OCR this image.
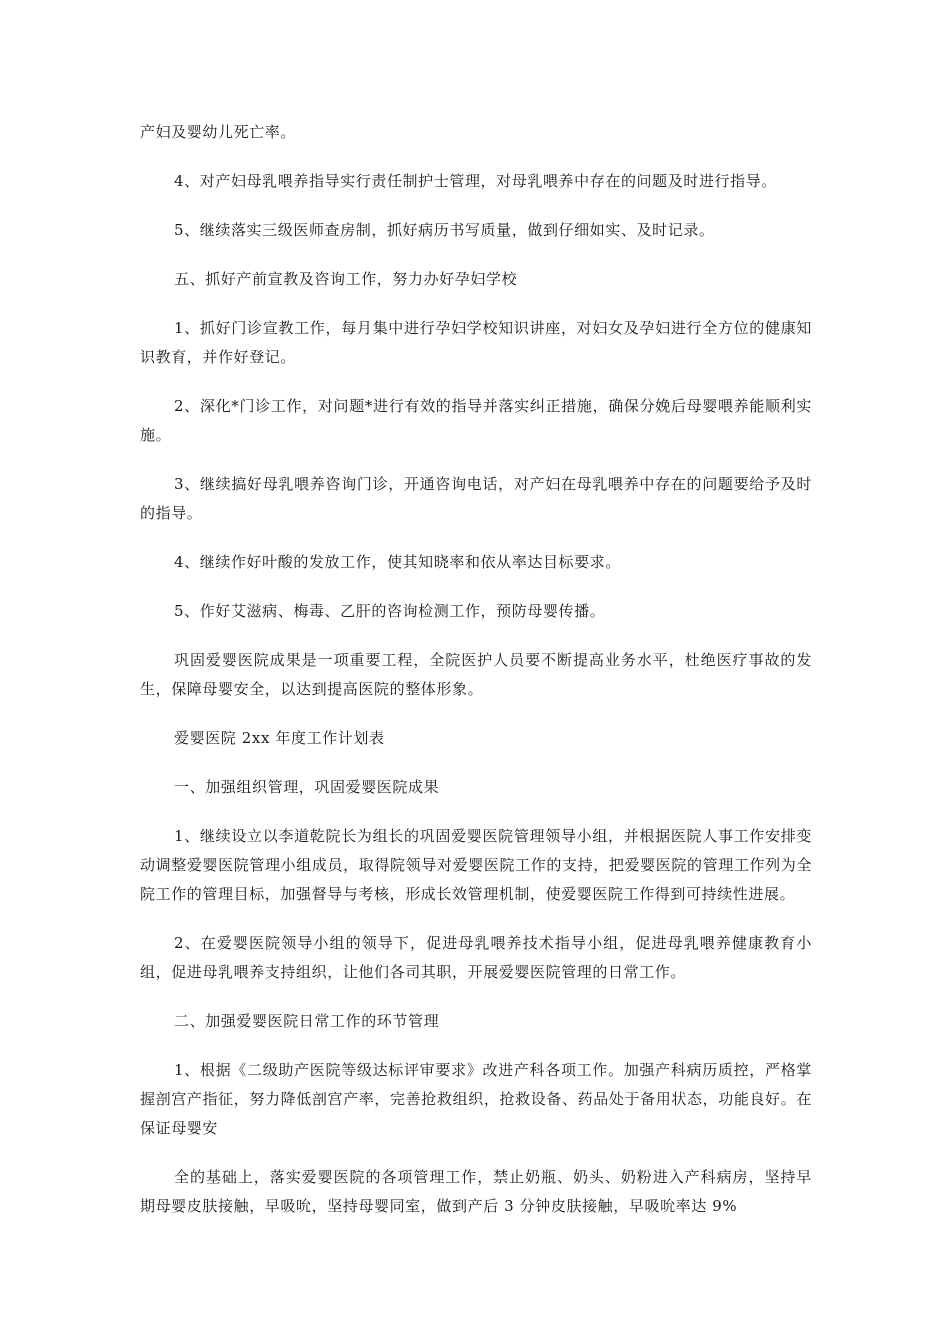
产妇及婴幼儿死亡率。

4、对产妇母乳喂养指导实行责任制护士管理，对母乳喂养中存在的问题及时进行指导。

5、继续落实三级医师查房制，抓好病历书写质量，做到仔细如实、及时记录。

五、抓好产前宣教及咨询工作，努力办好孕妇学校

1、抓好门诊宣教工作，每月集中进行孕妇学校知识讲座，对妇女及孕妇进行全方位的健康知识教育，并作好登记。

2、深化*门诊工作，对问题*进行有效的指导并落实纠正措施，确保分娩后母婴喂养能顺利实施。

3、继续搞好母乳喂养咨询门诊，开通咨询电话，对产妇在母乳喂养中存在的问题要给予及时的指导。

4、继续作好叶酸的发放工作，使其知晓率和依从率达目标要求。

5、作好艾滋病、梅毒、乙肝的咨询检测工作，预防母婴传播。

巩固爱婴医院成果是一项重要工程，全院医护人员要不断提高业务水平，杜绝医疗事故的发生，保障母婴安全，以达到提高医院的整体形象。

爱婴医院 2xx 年度工作计划表

一、加强组织管理，巩固爱婴医院成果

1、继续设立以李道乾院长为组长的巩固爱婴医院管理领导小组，并根据医院人事工作安排变动调整爱婴医院管理小组成员，取得院领导对爱婴医院工作的支持，把爱婴医院的管理工作列为全院工作的管理目标，加强督导与考核，形成长效管理机制，使爱婴医院工作得到可持续性进展。

2、在爱婴医院领导小组的领导下，促进母乳喂养技术指导小组，促进母乳喂养健康教育小组，促进母乳喂养支持组织，让他们各司其职，开展爱婴医院管理的日常工作。

二、加强爱婴医院日常工作的环节管理

1、根据《二级助产医院等级达标评审要求》改进产科各项工作。加强产科病历质控，严格掌握剖宫产指征，努力降低剖宫产率，完善抢救组织，抢救设备、药品处于备用状态，功能良好。在保证母婴安

全的基础上，落实爱婴医院的各项管理工作，禁止奶瓶、奶头、奶粉进入产科病房，坚持早期母婴皮肤接触，早吸吮，坚持母婴同室，做到产后 3 分钟皮肤接触，早吸吮率达 9%
